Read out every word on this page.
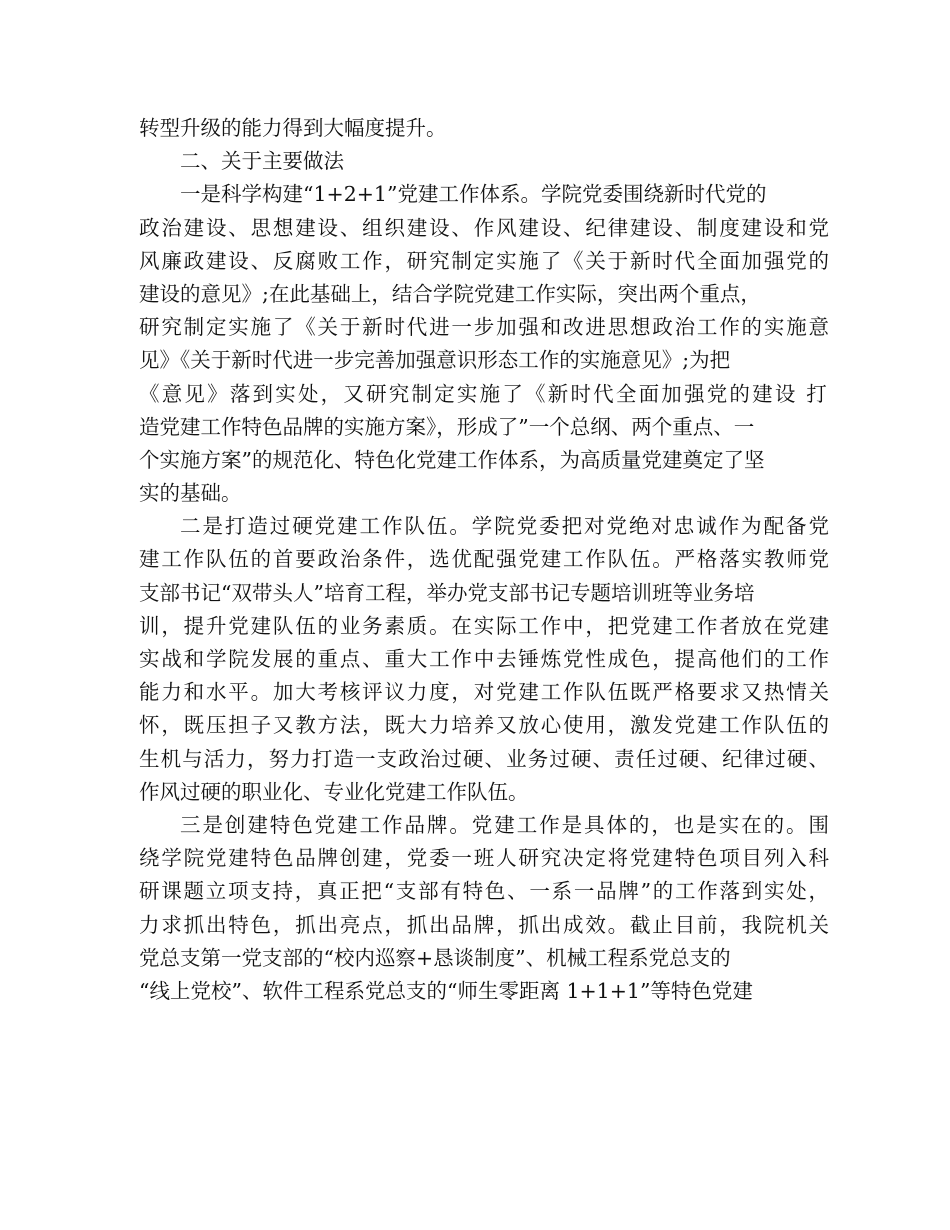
转型升级的能力得到大幅度提升。
二、关于主要做法
一是科学构建“1+2+1”党建工作体系。学院党委围绕新时代党的
政治建设、思想建设、组织建设、作风建设、纪律建设、制度建设和党
风廉政建设、反腐败工作，研究制定实施了《关于新时代全面加强党的
建设的意见》;在此基础上，结合学院党建工作实际，突出两个重点，
研究制定实施了《关于新时代进一步加强和改进思想政治工作的实施意
见》《关于新时代进一步完善加强意识形态工作的实施意见》;为把
《意见》落到实处，又研究制定实施了《新时代全面加强党的建设 打
造党建工作特色品牌的实施方案》，形成了”一个总纲、两个重点、一
个实施方案”的规范化、特色化党建工作体系，为高质量党建奠定了坚
实的基础。
二是打造过硬党建工作队伍。学院党委把对党绝对忠诚作为配备党
建工作队伍的首要政治条件，选优配强党建工作队伍。严格落实教师党
支部书记“双带头人”培育工程，举办党支部书记专题培训班等业务培
训，提升党建队伍的业务素质。在实际工作中，把党建工作者放在党建
实战和学院发展的重点、重大工作中去锤炼党性成色，提高他们的工作
能力和水平。加大考核评议力度，对党建工作队伍既严格要求又热情关
怀，既压担子又教方法，既大力培养又放心使用，激发党建工作队伍的
生机与活力，努力打造一支政治过硬、业务过硬、责任过硬、纪律过硬、
作风过硬的职业化、专业化党建工作队伍。
三是创建特色党建工作品牌。党建工作是具体的，也是实在的。围
绕学院党建特色品牌创建，党委一班人研究决定将党建特色项目列入科
研课题立项支持，真正把“支部有特色、一系一品牌”的工作落到实处，
力求抓出特色，抓出亮点，抓出品牌，抓出成效。截止目前，我院机关
党总支第一党支部的“校内巡察+恳谈制度”、机械工程系党总支的
“线上党校”、软件工程系党总支的“师生零距离 1+1+1”等特色党建
